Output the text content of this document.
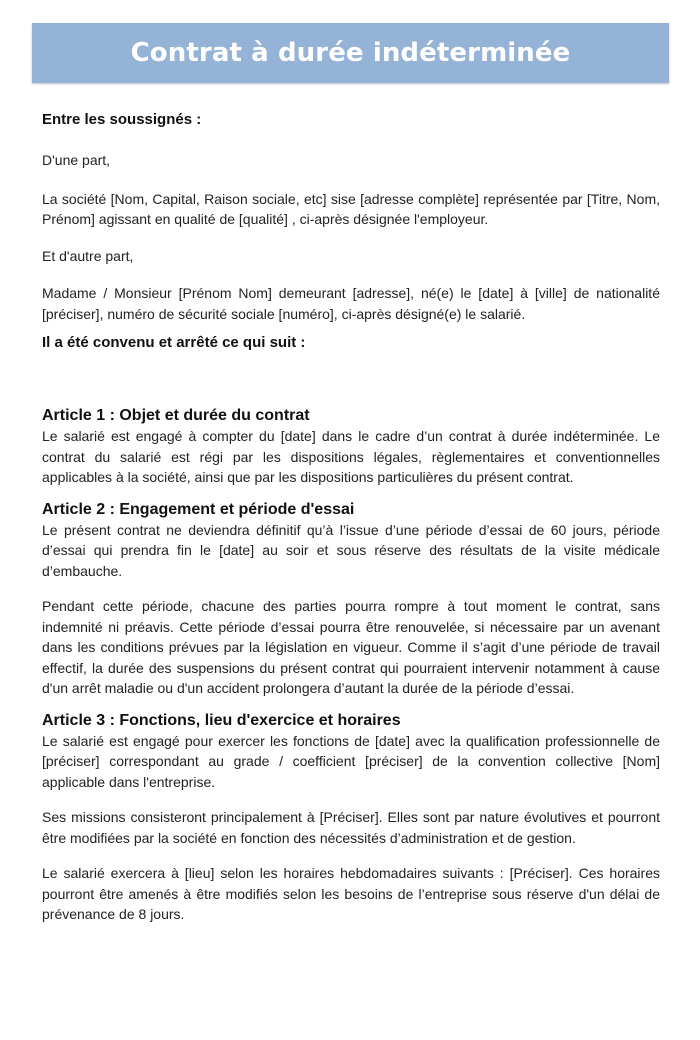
Contrat à durée indéterminée
Entre les soussignés :

D'une part,

La société [Nom, Capital, Raison sociale, etc] sise [adresse complète] représentée par [Titre, Nom, Prénom] agissant en qualité de [qualité] , ci-après désignée l'employeur.

Et d'autre part,

Madame / Monsieur [Prénom Nom] demeurant [adresse], né(e) le [date] à [ville] de nationalité [préciser], numéro de sécurité sociale [numéro], ci-après désigné(e) le salarié.

Il a été convenu et arrêté ce qui suit :
Article 1 : Objet et durée du contrat

Le salarié est engagé à compter du [date] dans le cadre d’un contrat à durée indéterminée. Le contrat du salarié est régi par les dispositions légales, règlementaires et conventionnelles applicables à la société, ainsi que par les dispositions particulières du présent contrat.

Article 2 : Engagement et période d'essai

Le présent contrat ne deviendra définitif qu’à l’issue d’une période d’essai de 60 jours, période d’essai qui prendra fin le [date] au soir et sous réserve des résultats de la visite médicale d’embauche.

Pendant cette période, chacune des parties pourra rompre à tout moment le contrat, sans indemnité ni préavis. Cette période d’essai pourra être renouvelée, si nécessaire par un avenant dans les conditions prévues par la législation en vigueur. Comme il s’agit d’une période de travail effectif, la durée des suspensions du présent contrat qui pourraient intervenir notamment à cause d'un arrêt maladie ou d'un accident prolongera d’autant la durée de la période d’essai.

Article 3 : Fonctions, lieu d'exercice et horaires

Le salarié est engagé pour exercer les fonctions de [date] avec la qualification professionnelle de [préciser] correspondant au grade / coefficient [préciser] de la convention collective [Nom] applicable dans l'entreprise.

Ses missions consisteront principalement à [Préciser]. Elles sont par nature évolutives et pourront être modifiées par la société en fonction des nécessités d’administration et de gestion.

Le salarié exercera à [lieu] selon les horaires hebdomadaires suivants : [Préciser]. Ces horaires pourront être amenés à être modifiés selon les besoins de l’entreprise sous réserve d'un délai de prévenance de 8 jours.
